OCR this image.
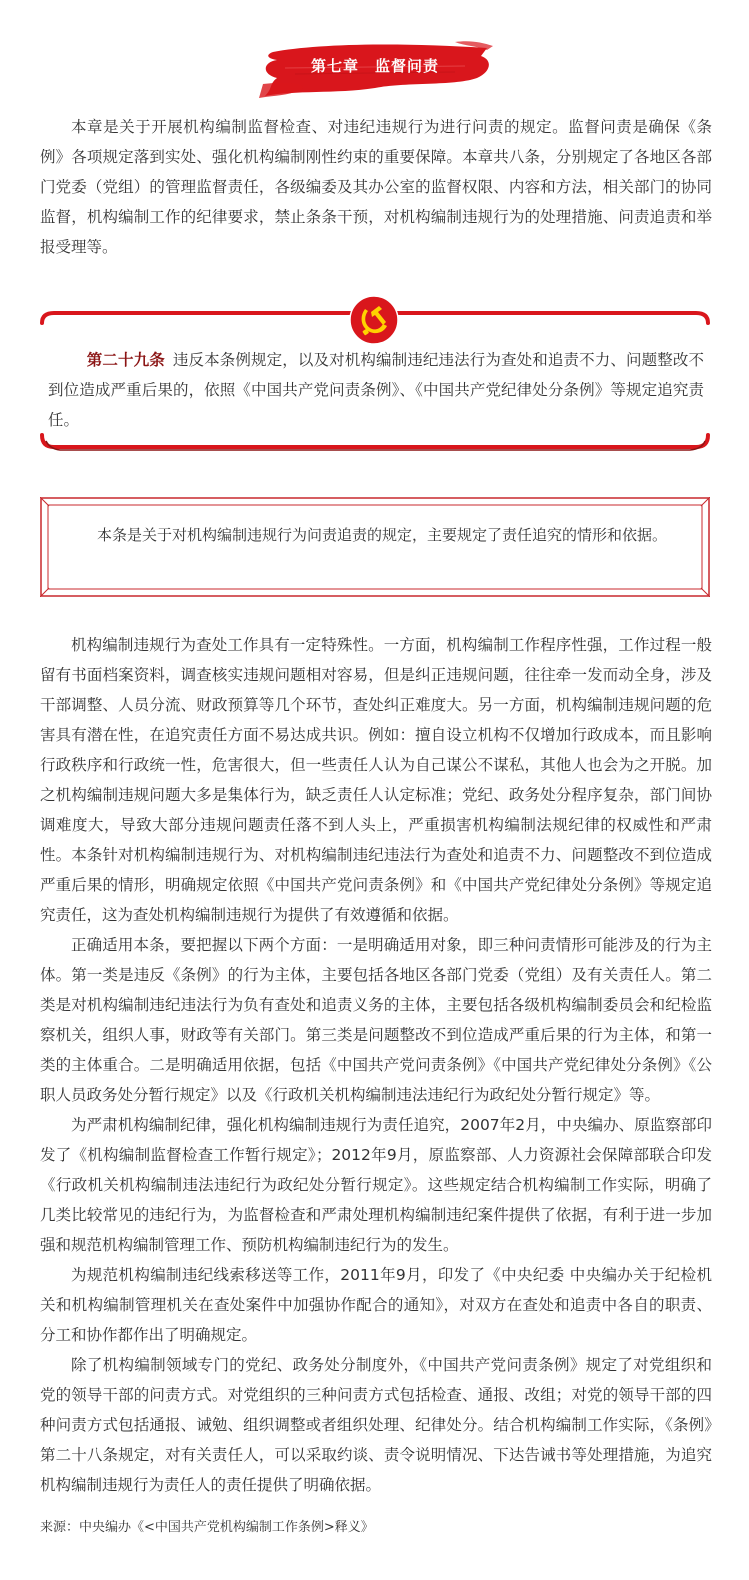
第七章　监督问责

本章是关于开展机构编制监督检查、对违纪违规行为进行问责的规定。监督问责是确保《条例》各项规定落到实处、强化机构编制刚性约束的重要保障。本章共八条，分别规定了各地区各部门党委（党组）的管理监督责任，各级编委及其办公室的监督权限、内容和方法，相关部门的协同监督，机构编制工作的纪律要求，禁止条条干预，对机构编制违规行为的处理措施、问责追责和举报受理等。

第二十九条 违反本条例规定，以及对机构编制违纪违法行为查处和追责不力、问题整改不到位造成严重后果的，依照《中国共产党问责条例》、《中国共产党纪律处分条例》等规定追究责任。

本条是关于对机构编制违规行为问责追责的规定，主要规定了责任追究的情形和依据。

机构编制违规行为查处工作具有一定特殊性。一方面，机构编制工作程序性强，工作过程一般留有书面档案资料，调查核实违规问题相对容易，但是纠正违规问题，往往牵一发而动全身，涉及干部调整、人员分流、财政预算等几个环节，查处纠正难度大。另一方面，机构编制违规问题的危害具有潜在性，在追究责任方面不易达成共识。例如：擅自设立机构不仅增加行政成本，而且影响行政秩序和行政统一性，危害很大，但一些责任人认为自己谋公不谋私，其他人也会为之开脱。加之机构编制违规问题大多是集体行为，缺乏责任人认定标准；党纪、政务处分程序复杂，部门间协调难度大，导致大部分违规问题责任落不到人头上，严重损害机构编制法规纪律的权威性和严肃性。本条针对机构编制违规行为、对机构编制违纪违法行为查处和追责不力、问题整改不到位造成严重后果的情形，明确规定依照《中国共产党问责条例》和《中国共产党纪律处分条例》等规定追究责任，这为查处机构编制违规行为提供了有效遵循和依据。

正确适用本条，要把握以下两个方面：一是明确适用对象，即三种问责情形可能涉及的行为主体。第一类是违反《条例》的行为主体，主要包括各地区各部门党委（党组）及有关责任人。第二类是对机构编制违纪违法行为负有查处和追责义务的主体，主要包括各级机构编制委员会和纪检监察机关，组织人事，财政等有关部门。第三类是问题整改不到位造成严重后果的行为主体，和第一类的主体重合。二是明确适用依据，包括《中国共产党问责条例》《中国共产党纪律处分条例》《公职人员政务处分暂行规定》以及《行政机关机构编制违法违纪行为政纪处分暂行规定》等。

为严肃机构编制纪律，强化机构编制违规行为责任追究，2007年2月，中央编办、原监察部印发了《机构编制监督检查工作暂行规定》；2012年9月，原监察部、人力资源社会保障部联合印发《行政机关机构编制违法违纪行为政纪处分暂行规定》。这些规定结合机构编制工作实际，明确了几类比较常见的违纪行为，为监督检查和严肃处理机构编制违纪案件提供了依据，有利于进一步加强和规范机构编制管理工作、预防机构编制违纪行为的发生。

为规范机构编制违纪线索移送等工作，2011年9月，印发了《中央纪委 中央编办关于纪检机关和机构编制管理机关在查处案件中加强协作配合的通知》，对双方在查处和追责中各自的职责、分工和协作都作出了明确规定。

除了机构编制领域专门的党纪、政务处分制度外，《中国共产党问责条例》规定了对党组织和党的领导干部的问责方式。对党组织的三种问责方式包括检查、通报、改组；对党的领导干部的四种问责方式包括通报、诫勉、组织调整或者组织处理、纪律处分。结合机构编制工作实际，《条例》第二十八条规定，对有关责任人，可以采取约谈、责令说明情况、下达告诫书等处理措施，为追究机构编制违规行为责任人的责任提供了明确依据。

来源：中央编办《<中国共产党机构编制工作条例>释义》
